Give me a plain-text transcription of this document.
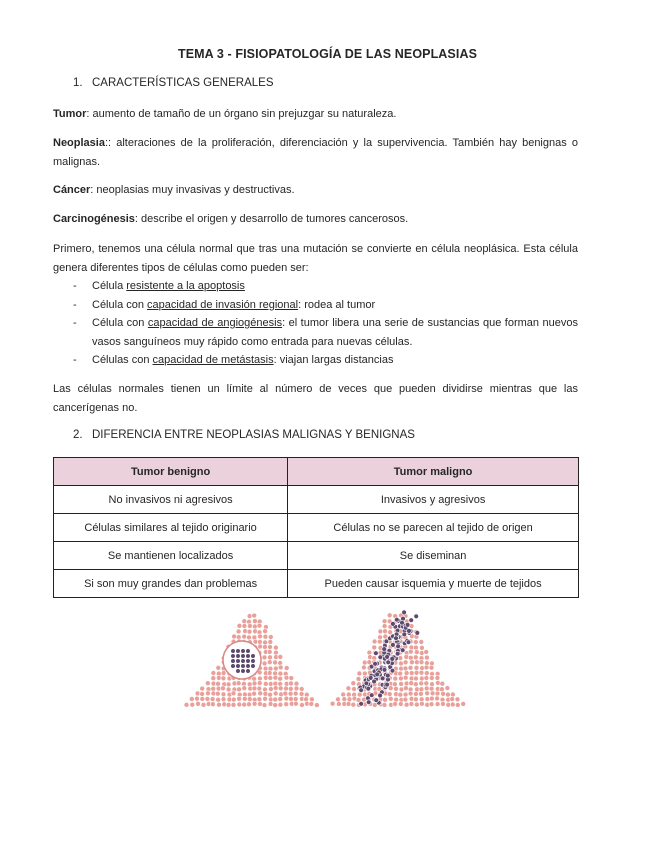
TEMA 3 - FISIOPATOLOGÍA DE LAS NEOPLASIAS
1. CARACTERÍSTICAS GENERALES
Tumor: aumento de tamaño de un órgano sin prejuzgar su naturaleza.
Neoplasia:: alteraciones de la proliferación, diferenciación y la supervivencia. También hay benignas o malignas.
Cáncer: neoplasias muy invasivas y destructivas.
Carcinogénesis: describe el origen y desarrollo de tumores cancerosos.
Primero, tenemos una célula normal que tras una mutación se convierte en célula neoplásica. Esta célula genera diferentes tipos de células como pueden ser:
- Célula resistente a la apoptosis
- Célula con capacidad de invasión regional: rodea al tumor
- Célula con capacidad de angiogénesis: el tumor libera una serie de sustancias que forman nuevos vasos sanguíneos muy rápido como entrada para nuevas células.
- Células con capacidad de metástasis: viajan largas distancias
Las células normales tienen un límite al número de veces que pueden dividirse mientras que las cancerígenas no.
2. DIFERENCIA ENTRE NEOPLASIAS MALIGNAS Y BENIGNAS
Tumor benigno	Tumor maligno
No invasivos ni agresivos	Invasivos y agresivos
Células similares al tejido originario	Células no se parecen al tejido de origen
Se mantienen localizados	Se diseminan
Si son muy grandes dan problemas	Pueden causar isquemia y muerte de tejidos
